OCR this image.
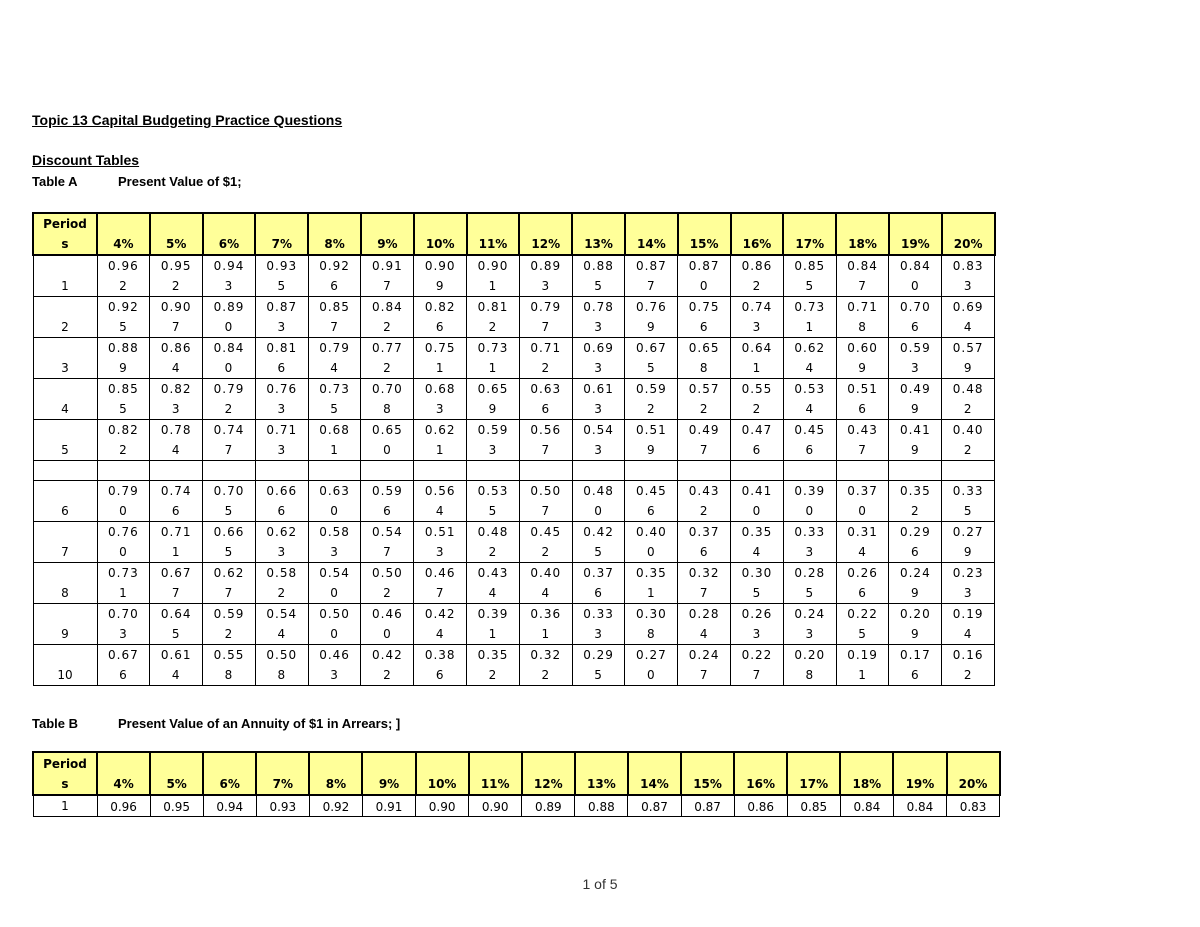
Topic 13 Capital Budgeting Practice Questions
Discount Tables
Table A	Present Value of $1;
Period
s	4%	5%	6%	7%	8%	9%	10%	11%	12%	13%	14%	15%	16%	17%	18%	19%	20%
1	0.962	0.952	0.943	0.935	0.926	0.917	0.909	0.901	0.893	0.885	0.877	0.870	0.862	0.855	0.847	0.840	0.833

2	0.925	0.907	0.890	0.873	0.857	0.842	0.826	0.812	0.797	0.783	0.769	0.756	0.743	0.731	0.718	0.706	0.694

3	0.889	0.864	0.840	0.816	0.794	0.772	0.751	0.731	0.712	0.693	0.675	0.658	0.641	0.624	0.609	0.593	0.579

4	0.855	0.823	0.792	0.763	0.735	0.708	0.683	0.659	0.636	0.613	0.592	0.572	0.552	0.534	0.516	0.499	0.482

5	0.822	0.784	0.747	0.713	0.681	0.650	0.621	0.593	0.567	0.543	0.519	0.497	0.476	0.456	0.437	0.419	0.402

6	0.790	0.746	0.705	0.666	0.630	0.596	0.564	0.535	0.507	0.480	0.456	0.432	0.410	0.390	0.370	0.352	0.335

7	0.760	0.711	0.665	0.623	0.583	0.547	0.513	0.482	0.452	0.425	0.400	0.376	0.354	0.333	0.314	0.296	0.279

8	0.731	0.677	0.627	0.582	0.540	0.502	0.467	0.434	0.404	0.376	0.351	0.327	0.305	0.285	0.266	0.249	0.233

9	0.703	0.645	0.592	0.544	0.500	0.460	0.424	0.391	0.361	0.333	0.308	0.284	0.263	0.243	0.225	0.209	0.194

10	0.676	0.614	0.558	0.508	0.463	0.422	0.386	0.352	0.322	0.295	0.270	0.247	0.227	0.208	0.191	0.176	0.162
Table B	Present Value of an Annuity of $1 in Arrears; ]
Period
s	4%	5%	6%	7%	8%	9%	10%	11%	12%	13%	14%	15%	16%	17%	18%	19%	20%
1	0.96	0.95	0.94	0.93	0.92	0.91	0.90	0.90	0.89	0.88	0.87	0.87	0.86	0.85	0.84	0.84	0.83
1 of 5
